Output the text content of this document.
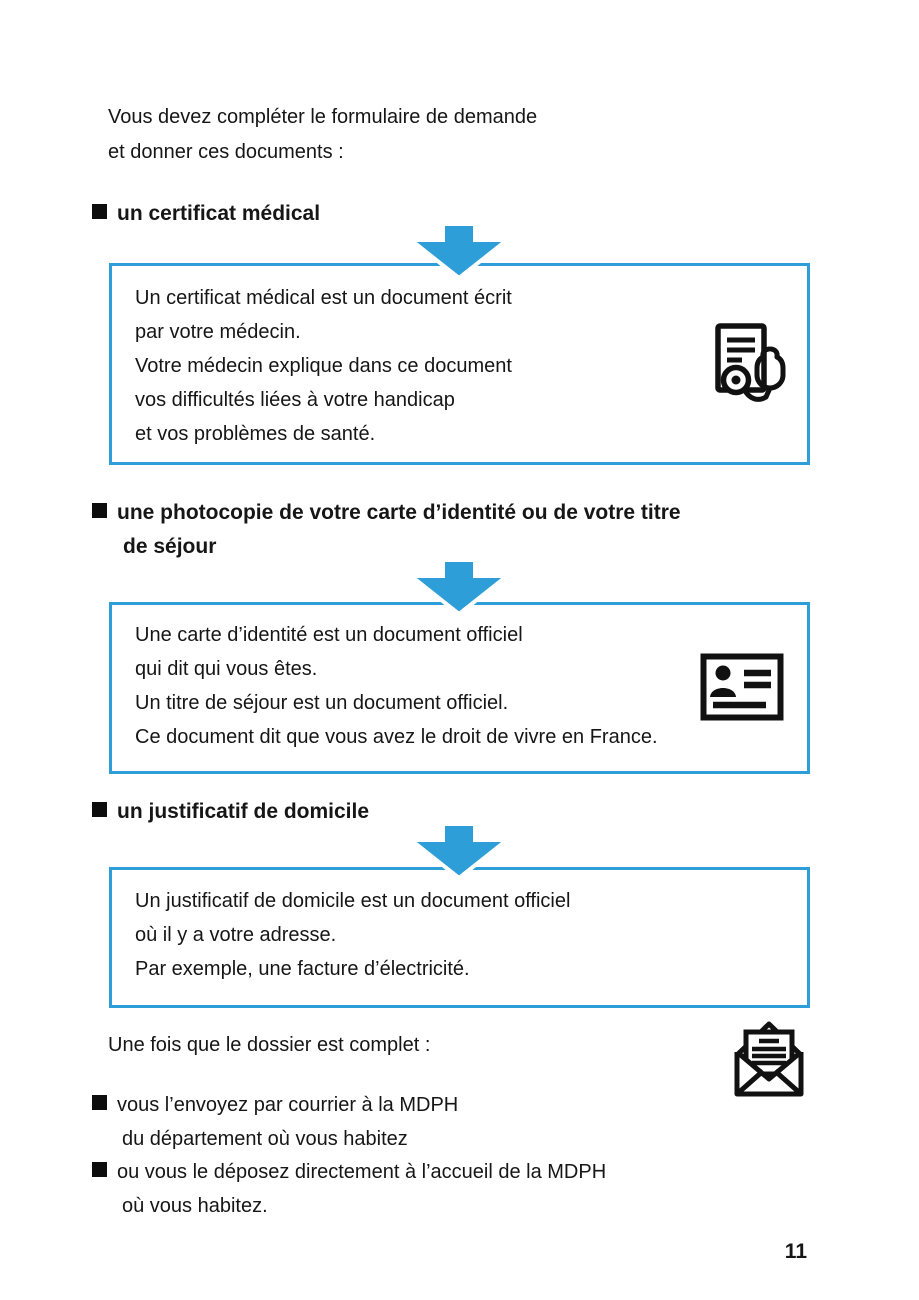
Vous devez compléter le formulaire de demande
et donner ces documents :
un certificat médical
Un certificat médical est un document écrit
par votre médecin.
Votre médecin explique dans ce document
vos difficultés liées à votre handicap
et vos problèmes de santé.
une photocopie de votre carte d’identité ou de votre titre
de séjour
Une carte d’identité est un document officiel
qui dit qui vous êtes.
Un titre de séjour est un document officiel.
Ce document dit que vous avez le droit de vivre en France.
un justificatif de domicile
Un justificatif de domicile est un document officiel
où il y a votre adresse.
Par exemple, une facture d’électricité.
Une fois que le dossier est complet :
vous l’envoyez par courrier à la MDPH
du département où vous habitez
ou vous le déposez directement à l’accueil de la MDPH
où vous habitez.
11
